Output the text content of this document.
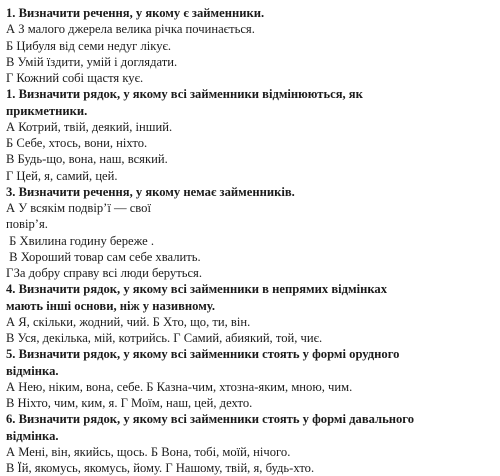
1. Визначити речення, у якому є займенники.
А З малого джерела велика річка починається.
Б Цибуля від семи недуг лікує.
В Умій їздити, умій і доглядати.
Г Кожний собі щастя кує.
1. Визначити рядок, у якому всі займенники відмінюються, як
прикметники.
А Котрий, твій, деякий, інший.
Б Себе, хтось, вони, ніхто.
В Будь-що, вона, наш, всякий.
Г Цей, я, самий, цей.
3. Визначити речення, у якому немає займенників.
А У всякім подвір’ї — свої
повір’я.
Б Хвилина годину береже .
В Хороший товар сам себе хвалить.
ГЗа добру справу всі люди беруться.
4. Визначити рядок, у якому всі займенники в непрямих відмінках
мають інші основи, ніж у називному.
А Я, скільки, жодний, чий. Б Хто, що, ти, він.
В Уся, декілька, мій, котрийсь. Г Самий, абиякий, той, чиє.
5. Визначити рядок, у якому всі займенники стоять у формі орудного
відмінка.
А Нею, ніким, вона, себе. Б Казна-чим, хтозна-яким, мною, чим.
В Ніхто, чим, ким, я. Г Моїм, наш, цей, дехто.
6. Визначити рядок, у якому всі займенники стоять у формі давального
відмінка.
А Мені, він, якийсь, щось. Б Вона, тобі, моїй, нічого.
В Їй, якомусь, якомусь, йому. Г Нашому, твій, я, будь-хто.
